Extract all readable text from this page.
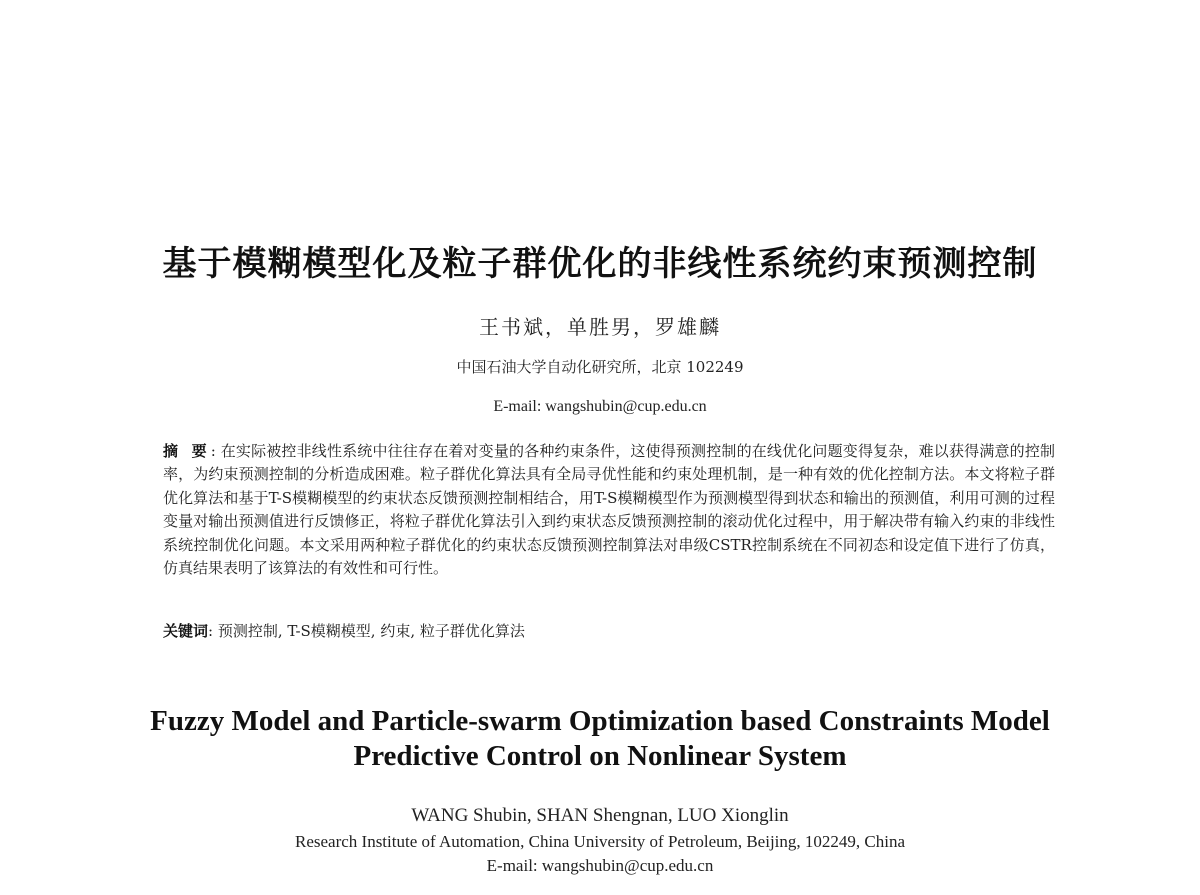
基于模糊模型化及粒子群优化的非线性系统约束预测控制
王书斌，单胜男，罗雄麟
中国石油大学自动化研究所，北京 102249
E-mail: wangshubin@cup.edu.cn
摘 要: 在实际被控非线性系统中往往存在着对变量的各种约束条件，这使得预测控制的在线优化问题变得复杂，难以获得满意的控制率，为约束预测控制的分析造成困难。粒子群优化算法具有全局寻优性能和约束处理机制，是一种有效的优化控制方法。本文将粒子群优化算法和基于T-S模糊模型的约束状态反馈预测控制相结合，用T-S模糊模型作为预测模型得到状态和输出的预测值，利用可测的过程变量对输出预测值进行反馈修正，将粒子群优化算法引入到约束状态反馈预测控制的滚动优化过程中，用于解决带有输入约束的非线性系统控制优化问题。本文采用两种粒子群优化的约束状态反馈预测控制算法对串级CSTR控制系统在不同初态和设定值下进行了仿真，仿真结果表明了该算法的有效性和可行性。
关键词: 预测控制, T-S模糊模型, 约束, 粒子群优化算法
Fuzzy Model and Particle-swarm Optimization based Constraints Model
Predictive Control on Nonlinear System
WANG Shubin, SHAN Shengnan, LUO Xionglin
Research Institute of Automation, China University of Petroleum, Beijing, 102249, China
E-mail: wangshubin@cup.edu.cn
